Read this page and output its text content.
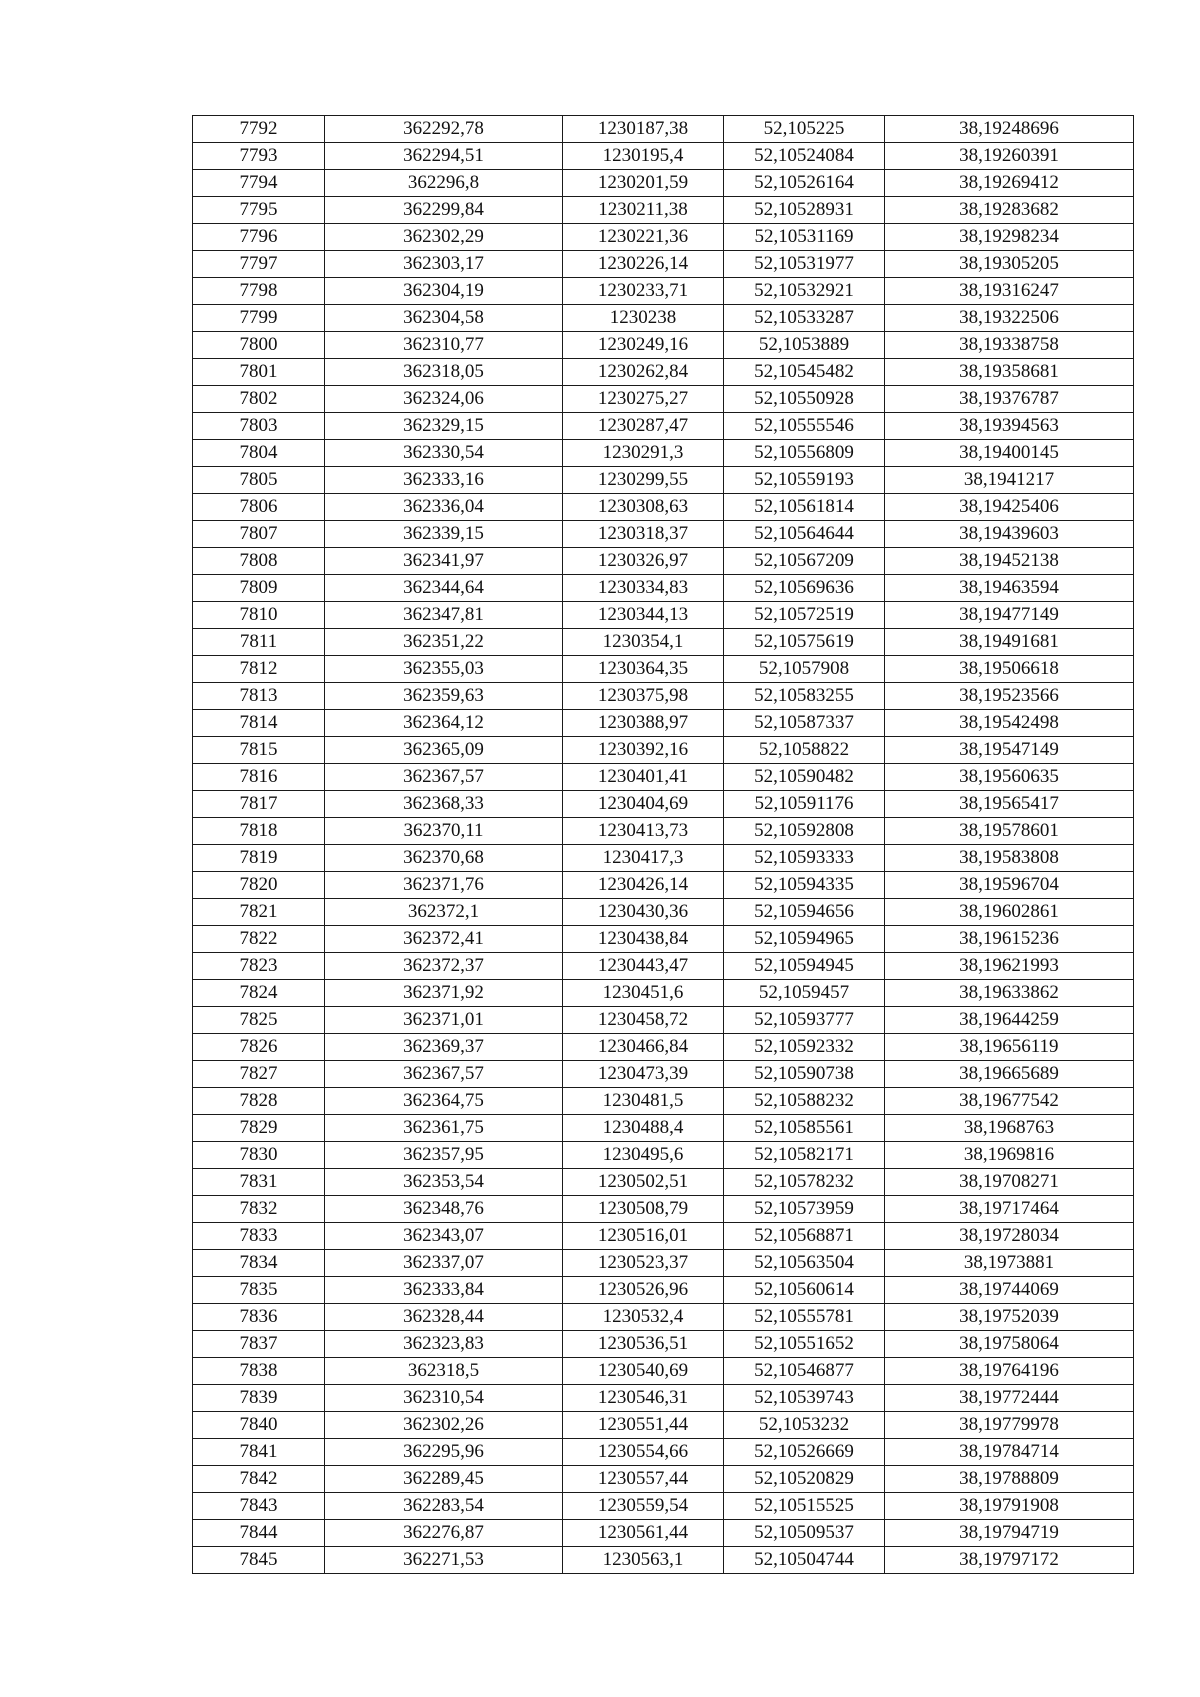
7792	362292,78	1230187,38	52,105225	38,19248696
7793	362294,51	1230195,4	52,10524084	38,19260391
7794	362296,8	1230201,59	52,10526164	38,19269412
7795	362299,84	1230211,38	52,10528931	38,19283682
7796	362302,29	1230221,36	52,10531169	38,19298234
7797	362303,17	1230226,14	52,10531977	38,19305205
7798	362304,19	1230233,71	52,10532921	38,19316247
7799	362304,58	1230238	52,10533287	38,19322506
7800	362310,77	1230249,16	52,1053889	38,19338758
7801	362318,05	1230262,84	52,10545482	38,19358681
7802	362324,06	1230275,27	52,10550928	38,19376787
7803	362329,15	1230287,47	52,10555546	38,19394563
7804	362330,54	1230291,3	52,10556809	38,19400145
7805	362333,16	1230299,55	52,10559193	38,1941217
7806	362336,04	1230308,63	52,10561814	38,19425406
7807	362339,15	1230318,37	52,10564644	38,19439603
7808	362341,97	1230326,97	52,10567209	38,19452138
7809	362344,64	1230334,83	52,10569636	38,19463594
7810	362347,81	1230344,13	52,10572519	38,19477149
7811	362351,22	1230354,1	52,10575619	38,19491681
7812	362355,03	1230364,35	52,1057908	38,19506618
7813	362359,63	1230375,98	52,10583255	38,19523566
7814	362364,12	1230388,97	52,10587337	38,19542498
7815	362365,09	1230392,16	52,1058822	38,19547149
7816	362367,57	1230401,41	52,10590482	38,19560635
7817	362368,33	1230404,69	52,10591176	38,19565417
7818	362370,11	1230413,73	52,10592808	38,19578601
7819	362370,68	1230417,3	52,10593333	38,19583808
7820	362371,76	1230426,14	52,10594335	38,19596704
7821	362372,1	1230430,36	52,10594656	38,19602861
7822	362372,41	1230438,84	52,10594965	38,19615236
7823	362372,37	1230443,47	52,10594945	38,19621993
7824	362371,92	1230451,6	52,1059457	38,19633862
7825	362371,01	1230458,72	52,10593777	38,19644259
7826	362369,37	1230466,84	52,10592332	38,19656119
7827	362367,57	1230473,39	52,10590738	38,19665689
7828	362364,75	1230481,5	52,10588232	38,19677542
7829	362361,75	1230488,4	52,10585561	38,1968763
7830	362357,95	1230495,6	52,10582171	38,1969816
7831	362353,54	1230502,51	52,10578232	38,19708271
7832	362348,76	1230508,79	52,10573959	38,19717464
7833	362343,07	1230516,01	52,10568871	38,19728034
7834	362337,07	1230523,37	52,10563504	38,1973881
7835	362333,84	1230526,96	52,10560614	38,19744069
7836	362328,44	1230532,4	52,10555781	38,19752039
7837	362323,83	1230536,51	52,10551652	38,19758064
7838	362318,5	1230540,69	52,10546877	38,19764196
7839	362310,54	1230546,31	52,10539743	38,19772444
7840	362302,26	1230551,44	52,1053232	38,19779978
7841	362295,96	1230554,66	52,10526669	38,19784714
7842	362289,45	1230557,44	52,10520829	38,19788809
7843	362283,54	1230559,54	52,10515525	38,19791908
7844	362276,87	1230561,44	52,10509537	38,19794719
7845	362271,53	1230563,1	52,10504744	38,19797172
